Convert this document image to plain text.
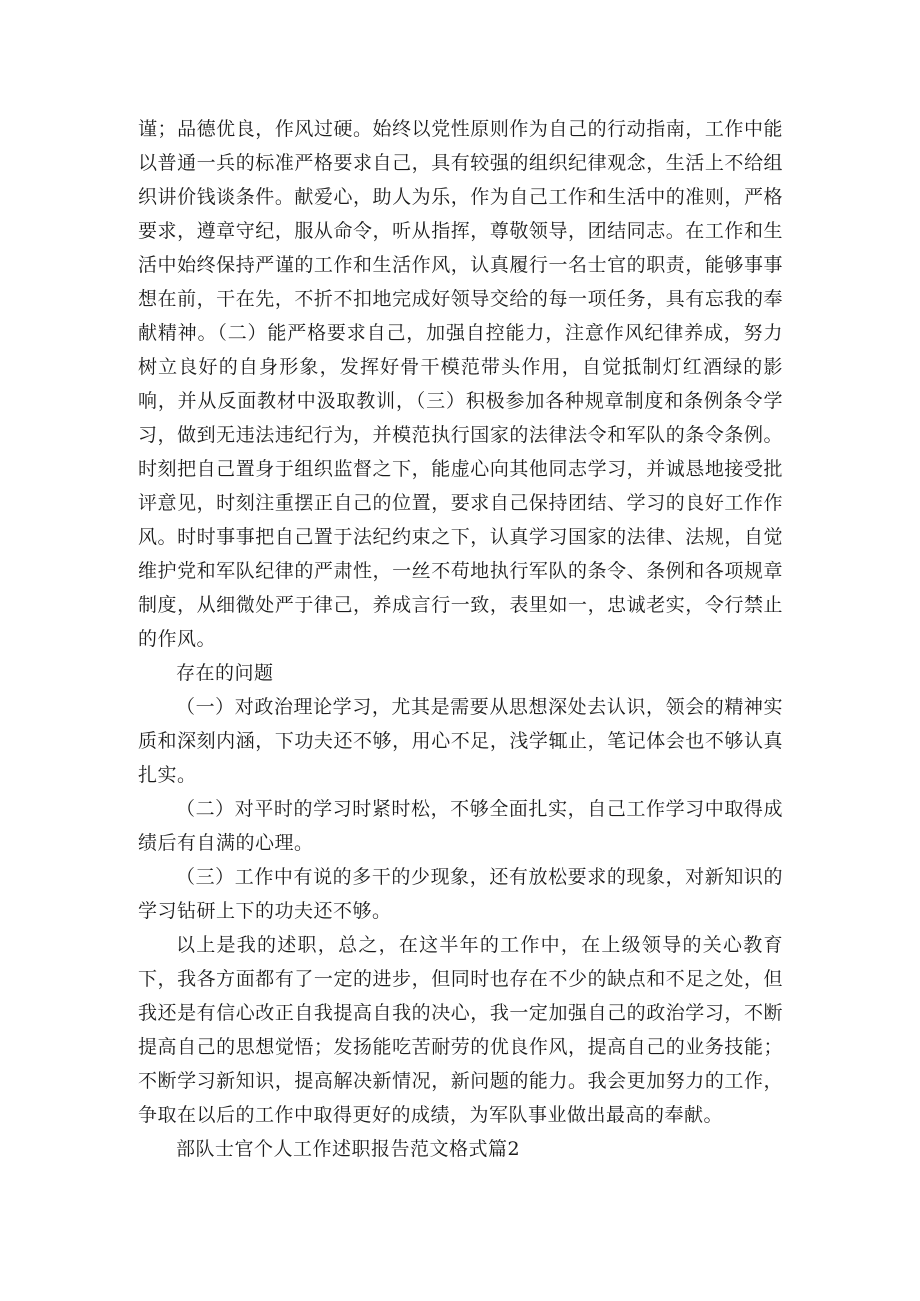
谨；品德优良，作风过硬。始终以党性原则作为自己的行动指南，工作中能以普通一兵的标准严格要求自己，具有较强的组织纪律观念，生活上不给组织讲价钱谈条件。献爱心，助人为乐，作为自己工作和生活中的准则，严格要求，遵章守纪，服从命令，听从指挥，尊敬领导，团结同志。在工作和生活中始终保持严谨的工作和生活作风，认真履行一名士官的职责，能够事事想在前，干在先，不折不扣地完成好领导交给的每一项任务，具有忘我的奉献精神。（二）能严格要求自己，加强自控能力，注意作风纪律养成，努力树立良好的自身形象，发挥好骨干模范带头作用，自觉抵制灯红酒绿的影响，并从反面教材中汲取教训，（三）积极参加各种规章制度和条例条令学习，做到无违法违纪行为，并模范执行国家的法律法令和军队的条令条例。时刻把自己置身于组织监督之下，能虚心向其他同志学习，并诚恳地接受批评意见，时刻注重摆正自己的位置，要求自己保持团结、学习的良好工作作风。时时事事把自己置于法纪约束之下，认真学习国家的法律、法规，自觉维护党和军队纪律的严肃性，一丝不苟地执行军队的条令、条例和各项规章制度，从细微处严于律己，养成言行一致，表里如一，忠诚老实，令行禁止的作风。

存在的问题

（一）对政治理论学习，尤其是需要从思想深处去认识，领会的精神实质和深刻内涵，下功夫还不够，用心不足，浅学辄止，笔记体会也不够认真扎实。

（二）对平时的学习时紧时松，不够全面扎实，自己工作学习中取得成绩后有自满的心理。

（三）工作中有说的多干的少现象，还有放松要求的现象，对新知识的学习钻研上下的功夫还不够。

以上是我的述职，总之，在这半年的工作中，在上级领导的关心教育下，我各方面都有了一定的进步，但同时也存在不少的缺点和不足之处，但我还是有信心改正自我提高自我的决心，我一定加强自己的政治学习，不断提高自己的思想觉悟；发扬能吃苦耐劳的优良作风，提高自己的业务技能；不断学习新知识，提高解决新情况，新问题的能力。我会更加努力的工作，争取在以后的工作中取得更好的成绩，为军队事业做出最高的奉献。

部队士官个人工作述职报告范文格式篇2
